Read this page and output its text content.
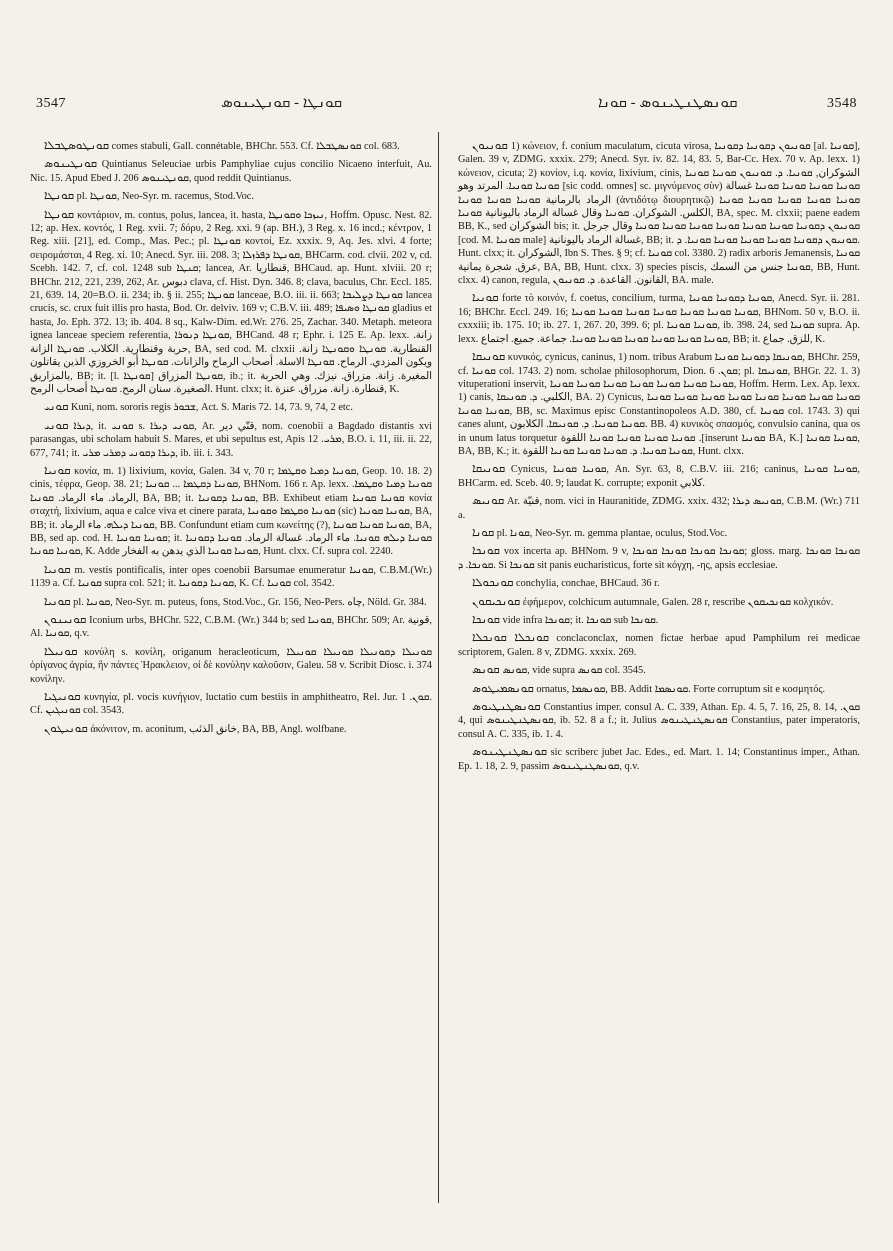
3547	ܩܘܢܛܐ - ܩܘܢܛܝܢܘܣ	ܩܘܢܣܛܢܛܝܢܘܣ - ܩܘܢܐ	3548

ܩܘܢܛܘܣܛܒܠܐ comes stabuli, Gall. connétable, BHChr. 553. Cf. ܩܘܢܣܛܒܠܐ col. 683.

ܩܘܢܛܝܢܘܣ Quintianus Seleuciae urbis Pamphyliae cujus concilio Nicaeno interfuit, Au. Nic. 15. Apud Ebed J. 206 ܩܘܢܛܝܢܘܣ, quod reddit Quintianus.

ܩܘܢܛܐ pl. ܩܘܢܛܐ, Neo-Syr. m. racemus, Stod.Voc.

ܩܘܢܛܐ κοντάριον, m. contus, polus, lancea, it. hasta, ܢܝܙܟܐ ܘܩܘܢܛܐ, Hoffm. Opusc. Nest. 82. 12; ap. Hex. κοντός, 1 Reg. xvii. 7; δόρυ, 2 Reg. xxi. 9 (ap. BH.), 3 Reg. x. 16 incd.; κέντρον, 1 Reg. xiii. [21], ed. Comp., Mas. Pec.; pl. ܩܘܢܛܐ κοντοί, Ez. xxxix. 9, Aq. Jes. xlvi. 4 forte; σειρομάσται, 4 Reg. xi. 10; Anecd. Syr. iii. 208. 3; ܩܘܢܛܐ ܕܦܪܙܠܐ, BHCarm. cod. clvii. 202 v, cd. Scebh. 142. 7, cf. col. 1248 sub ܩܢܛܐ; lancea, Ar. قنطاريا, BHCaud. ap. Hunt. xlviii. 20 r; BHChr. 212, 221, 239, 262, Ar. دبوس clava, cf. Hist. Dyn. 346. 8; clava, baculus, Chr. Eccl. 185. 21, 639. 14, 20=B.O. ii. 234; ib. § ii. 255; ܩܘܢܛܐ lanceae, B.O. iii. ii. 663; ܩܘܢܛܐ ܕܨܠܝܒܐ lancea crucis, sc. crux fuit illis pro hasta, Bod. Or. delviv. 169 v; C.B.V. iii. 489; ܩܘܢܛܐ ܘܣܝܦܐ gladius et hasta, Jo. Eph. 372. 13; ib. 404. 8 sq., Kalw-Dim. ed.Wr. 276. 25, Zachar. 340. Metaph. meteora ignea lanceae speciem referentia, ܩܘܢܛܐ ܕܢܘܪܐ, BHCand. 48 r; Ephr. i. 125 E. Ap. lexx. زانة. حربة وقنطارية. الكلاب. ܩܘܢܛܐ الزانة, BA, sed cod. M. clxxii القنطارية. ܩܘܢܛܐ ܘܩܘܢܛܐ زانة. ويكون المزدي. الرماح. ܩܘܢܛܐ الاسلة. أصحاب الرماح والزانات. ܩܘܢܛܐ أبو الخروزي الذين يقاتلون بالمزاريق, BB; it. [l. ܩܘܢܛܐ] ܩܘܢܛܐ المزراق, ib.; it. المغيرة. زانة. مزراق. نيزك. وهي الحربة الصغيرة. سنان الرمح. ܩܘܢܛܐ أصحاب الرمح. Hunt. clxx; it. قنطارة. زانة. مزراق. عنزة, K.

ܩܘܢܝ Kuni, nom. sororis regis ܫܒܘܪ, Act. S. Maris 72. 14, 73. 9, 74, 2 etc.

ܩܘܢܝ ܕܝܪܐ, it. ܩܘܢܝ s. ܩܘܢܝ ܕܝܪܐ, Ar. قنّي دير, nom. coenobii a Bagdado distantis xvi parasangas, ubi scholam habuit S. Mares, et ubi sepultus est, Apis ܡܪܝ. 12, B.O. i. 11, iii. ii. 22, 677, 741; it. ܕܝܪܐ ܕܩܘܢܝ ܕܡܪܝ ܡܪܝ, ib. iii. i. 343.

ܩܘܢܝܐ κονία, m. 1) lixivium, κονία, Galen. 34 v, 70 r; ܩܘܢܝܐ ܕܡܝܐ ܘܩܛܡܐ, Geop. 10. 18. 2) cinis, τέφρα, Geop. 38. 21; ܩܘܢܝܐ ܕܩܛܡܐ ... ܩܘܢܝܐ, BHNom. 166 r. Ap. lexx. ܩܘܢܝܐ ܕܡܝܐ ܘܩܛܡܐ. الرماد. ماء الرماد. ܩܘܢܝܐ, BA, BB; it. ܩܘܢܝܐ ܕܩܘܢܝܐ, BB. Exhibeut etiam ܩܘܢܝܐ ܩܘܢܝܐ κονία σταχτή, lixivium, aqua e calce viva et cinere parata, ܩܘܢܝܐ ܘܩܛܡܐ ܘܩܘܢܝܐ (sic) ܩܘܢܝܐ ܩܘܢܝܐ, BA, BB; it. ܩܘܢܝܐ ܕܝܠܗ. ماء الرماد, BB. Confundunt etiam cum κωνείτης (?), ܩܘܢܝܐ ܩܘܢܝܐ ܩܘܢܝܐ, BA, BB, sed ap. cod. H. ܩܘܢܝܐ ܩܘܢܝܐ; it. ܩܘܢܝܐ ܕܝܠܗ ܩܘܢܝܐ. ماء الرماد. غسالة الرماد. ܩܘܢܝܐ ܕܩܘܢܝܐ ܩܘܢܝܐ ܩܘܢܝܐ, K. Adde ܩܘܢܝܐ ܩܘܢܝܐ الذي يدهن به الفخار, Hunt. clxx. Cf. supra col. 2240.

ܩܘܢܝܐ m. vestis pontificalis, inter opes coenobii Barsumae enumeratur ܩܘܢܝܐ, C.B.M.(Wr.) 1139 a. Cf. ܩܘܢܝܐ supra col. 521; it. ܩܘܢܝܐ ܕܩܘܢܝܐ, K. Cf. ܩܘܢܝܐ col. 3542.

ܩܘܢܝܐ pl. ܩܘܢܝܐ, Neo-Syr. m. puteus, fons, Stod.Voc., Gr. 156, Neo-Pers. چاه, Nöld. Gr. 384.

ܩܘܢܝܢܘܢ Iconium urbs, BHChr. 522, C.B.M. (Wr.) 344 b; sed ܩܘܢܝܐ, BHChr. 509; Ar. قونية, Al. ܩܘܢܝܐ, q.v.

ܩܘܢܝܠܐ κονύλη s. κονίλη, origanum heracleoticum, ܩܘܢܝܠܐ ܕܩܘܢܝܠܐ ܩܘܢܝܠܐ ܩܘܢܝܠܐ ὀρίγανος ἀγρία, ἣν πάντες Ἡρακλειον, οἱ δὲ κονύλην καλοῦσιν, Galeu. 58 v. Scribit Diosc. i. 374 κονίλην.

ܩܘܢܝܓܝܐ κυνηγία, pl. vocis κυνήγιον, luctatio cum bestiis in amphitheatro, Rel. Jur. ܩܘܢ. 1. Cf. ܩܘܢܝܓܝܢ col. 3543.

ܩܘܢܝܛܘܢ ἀκόνιτον, m. aconitum, خانق الذئب, BA, BB, Angl. wolfbane.

ܩܘܢܝܘܢ 1) κώνειον, f. conium maculatum, cicuta virosa, ܩܘܢܝܘܢ ܕܩܘܢܝܐ ܕܩܘܢܝܐ [al. ܩܘܢܝܐ], Galen. 39 v, ZDMG. xxxix. 279; Anecd. Syr. iv. 82. 14, 83. 5, Bar-Cc. Hex. 70 v. Ap. lexx. 1) κώνειον, cicuta; 2) κονίον, i.q. κονία, lixivium, cinis, الشوكران, ܩܘܢܝܐ. ܕ. ܩܘܢܝܘܢ ܩܘܢܝܐ ܩܘܢܝܐ ܩܘܢܝܐ ܩܘܢܝܐ. المرتد وهو [sic codd. omnes] sc. μιγνύμενος σὺν) ܩܘܢܝܐ ܩܘܢܝܐ ܩܘܢܝܐ ܩܘܢܝܐ غسالة الرماد بالرمانية ܩܘܢܝܐ ܩܘܢܝܐ ܩܘܢܝܐ (ἀντιδότῳ διουρητικῷ) ܩܘܢܝܐ ܩܘܢܝܐ ܩܘܢܝܐ ܩܘܢܝܐ ܩܘܢܝܐ الكلس. الشوكران. ܩܘܢܝܐ وقال غسالة الرماد باليونانية ܩܘܢܝܐ, BA, spec. M. clxxii; paene eadem BB, K., sed الشوكران bis; it. ܩܘܢܝܘܢ ܕܩܘܢܝܐ ܩܘܢܝܐ ܩܘܢܝܐ ܩܘܢܝܐ ܩܘܢܝܐ ܩܘܢܝܐ ܩܘܢܝܐ وقال جرجل [cod. M. ܩܘܢܝܐ male] غسالة الرماد باليونانية, BB; it. ܩܘܢܝܘܢ ܕܩܘܢܝܐ ܩܘܢܝܐ ܩܘܢܝܐ ܩܘܢܝܐ ܩܘܢܝܐ. ܕ. Hunt. clxx; it. الشوكران, Ibn S. Thes. § 9; cf. ܩܘܢܝܐ col. 3380. 2) radix arboris Jemanensis, ܩܘܢܝܐ عرق. شجرة يمانية, BA, BB, Hunt. clxx. 3) species piscis, ܩܘܢܝܐ جنس من السمك, BB, Hunt. clxx. 4) canon, regula, القانون. القاعدة. ܕ. ܩܘܢܝܘܢ, BA. male.

ܩܘܢܝܐ forte τὸ κοινόν, f. coetus, concilium, turma, ܩܘܢܝܐ ܕܩܘܢܝܐ ܩܘܢܝܐ, Anecd. Syr. ii. 281. 16; BHChr. Eccl. 249. 16; ܩܘܢܝܐ ܩܘܢܝܐ ܩܘܢܝܐ ܩܘܢܝܐ ܩܘܢܝܐ ܩܘܢܝܐ ܩܘܢܝܐ, BHNom. 50 v, B.O. ii. cxxxiii; ib. 175. 10; ib. 27. 1, 267. 20, 399. 6; pl. ܩܘܢܝܐ ܩܘܢܝܐ, ib. 398. 24, sed ܩܘܢܝܐ supra. Ap. lexx. ܩܘܢܝܐ ܩܘܢܝܐ ܩܘܢܝܐ ܩܘܢܝܐ ܩܘܢܝܐ ܩܘܢܝܐ. جماعة. جميع. اجتماع, BB; it. للزق. جماع, K.

ܩܘܢܝܩܐ κυνικός, cynicus, caninus, 1) nom. tribus Arabum ܩܘܢܝܩܐ ܕܩܘܢܝܐ ܩܘܢܝܐ, BHChr. 259, cf. ܩܘܢܝܐ col. 1743. 2) nom. scholae philosophorum, Dion. ܩܘܢ. 6; pl. ܩܘܢܝܩܐ, BHGr. 22. 1. 3) vituperationi inservit, ܩܘܢܝܐ ܩܘܢܝܐ ܩܘܢܝܐ ܩܘܢܝܐ ܩܘܢܝܐ ܩܘܢܝܐ ܩܘܢܝܐ, Hoffm. Herm. Lex. Ap. lexx. 1) canis, الكلبي. ܕ. ܩܘܢܝܩܐ, BA. 2) Cynicus, ܩܘܢܝܐ ܩܘܢܝܐ ܩܘܢܝܐ ܩܘܢܝܐ ܩܘܢܝܐ ܩܘܢܝܐ ܩܘܢܝܐ ܩܘܢܝܐ ܩܘܢܝܐ ܩܘܢܝܐ, BB, sc. Maximus episc Constantinopoleos A.D. 380, cf. ܩܘܢܝܐ col. 1743. 3) qui canes alunt, ܩܘܢܝܐ ܩܘܢܝܐ. ܕ. ܩܘܢܝܩܐ. الكلابون. BB. 4) κυνικὸς σπασμός, convulsio canina, qua os in unum latus torquetur ܩܘܢܝܐ ܩܘܢܝܐ ܩܘܢܝܐ ܩܘܢܝܐ اللقوة .[inserunt ܩܘܢܝܐ BA, K.] ܩܘܢܝܐ ܩܘܢܝܐ, BA, BB, K.; it. ܩܘܢܝܐ ܩܘܢܝܐ. ܕ. ܩܘܢܝܐ ܩܘܢܝܐ ܩܘܢܝܐ اللقوة, Hunt. clxx.

ܩܘܢܝܩܐ Cynicus, ܩܘܢܝܐ ܩܘܢܝܐ, An. Syr. 63, 8, C.B.V. iii. 216; caninus, ܩܘܢܝܐ ܩܘܢܝܐ, BHCarm. ed. Sceb. 40. 9; laudat K. corrupte; exponit كلابي.

ܩܘܢܝܣ Ar. قنيّة, nom. vici in Hauranitide, ZDMG. xxix. 432; ܩܘܢܝܣ ܕܝܪܐ, C.B.M. (Wr.) 711 a.

ܩܘܢܐ pl. ܩܘܢܐ, Neo-Syr. m. gemma plantae, oculus, Stod.Voc.

ܩܘܢܟܐ vox incerta ap. BHNom. 9 v, ܩܘܢܟܐ ܩܘܢܟܐ ܩܘܢܟܐ ܩܘܢܟܐ; gloss. marg. ܩܘܢܟܐ ܩܘܢܟܐ ܩܘܢܟܐ. ܕ. Si ܩܘܢܟܐ sit panis eucharisticus, forte sit κόγχη, -ης, apsis ecclesiae.

ܩܘܢܟܘܠܐ conchylia, conchae, BHCaud. 36 r.

ܩܘܢܟܝܩܘܢ ἐφήμερον, colchicum autumnale, Galen. 28 r, rescribe ܩܘܢܟܝܩܘܢ κολχικόν.

ܩܘܢܟܐ vide infra ܩܘܢܟܐ; it. ܩܘܢܟܐ sub ܩܘܢܟܐ.

ܩܘܢܟܠܐ ܩܘܢܟܠܐ conclaconclax, nomen fictae herbae apud Pamphilum rei medicae scriptorem, Galen. 8 v, ZDMG. xxxix. 269.

ܩܘܢܣ ܩܘܢܣ, vide supra ܩܘܢܣ col. 3545.

ܩܘܢܣܡܝܛܘܣ ornatus, ܩܘܢܣܡܐ, BB. Addit ܩܘܢܣܡܐ. Forte corruptum sit e κοσμητός.

ܩܘܢܣܛܢܛܝܘܣ Constantius imper. consul A. C. 339, Athan. Ep. 4. 5, 7. 16, 25, 8. 14, ܩܘܢ. 4, qui ܩܘܢܣܛܢܛܝܢܘܣ, ib. 52. 8 a f.; it. Julius ܩܘܢܣܛܢܛܝܢܘܣ Constantius, pater imperatoris, consul A. C. 335, ib. 1. 4.

ܩܘܢܣܛܢܛܝܢܘܣ sic scriberc jubet Jac. Edes., ed. Mart. 1. 14; Constantinus imper., Athan. Ep. 1. 18, 2. 9, passim ܩܘܢܣܛܢܛܝܢܘܣ, q.v.
